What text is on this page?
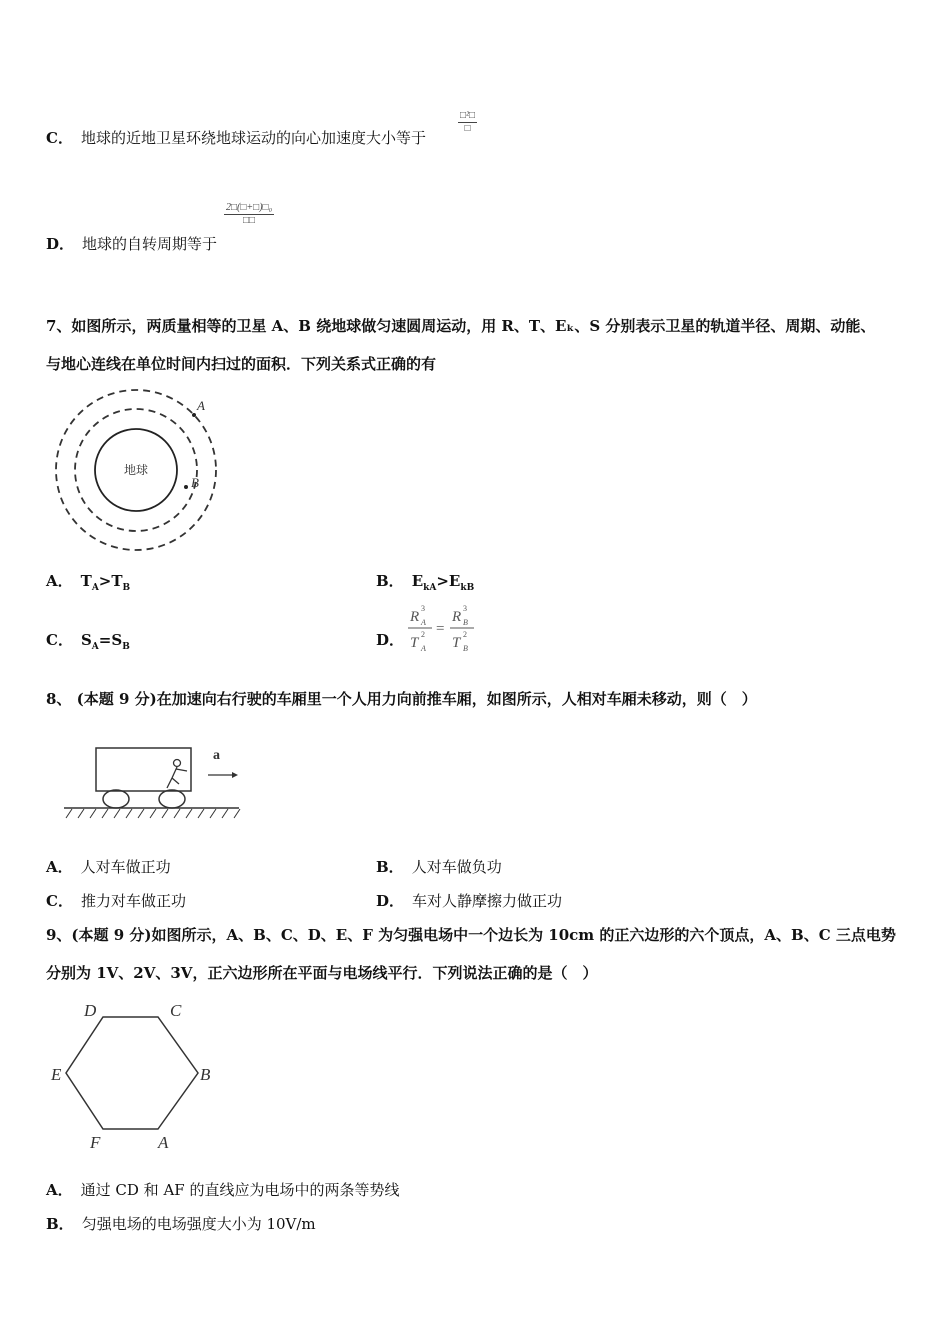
C． 地球的近地卫星环绕地球运动的向心加速度大小等于
□²□
□
D． 地球的自转周期等于
2□(□+□)□₀
□□
7、如图所示，两质量相等的卫星 A、B 绕地球做匀速圆周运动，用 R、T、Eₖ、S 分别表示卫星的轨道半径、周期、动能、
与地心连线在单位时间内扫过的面积．下列关系式正确的有
地球
A
B
A． $T_A>T_B$	B． $E_{kA}>E_{kB}$
C． $S_A=S_B$	D．
R
3
A
T
2
A
=
R
3
B
T
2
B
8、 (本题 9 分)在加速向右行驶的车厢里一个人用力向前推车厢，如图所示，人相对车厢未移动，则（　）
a
A． 人对车做正功	B． 人对车做负功
C． 推力对车做正功	D． 车对人静摩擦力做正功
9、(本题 9 分)如图所示，A、B、C、D、E、F 为匀强电场中一个边长为 10cm 的正六边形的六个顶点，A、B、C 三点电势
分别为 1V、2V、3V，正六边形所在平面与电场线平行．下列说法正确的是（　）
A
B
C
D
E
F
A． 通过 CD 和 AF 的直线应为电场中的两条等势线
B． 匀强电场的电场强度大小为 10V/m
